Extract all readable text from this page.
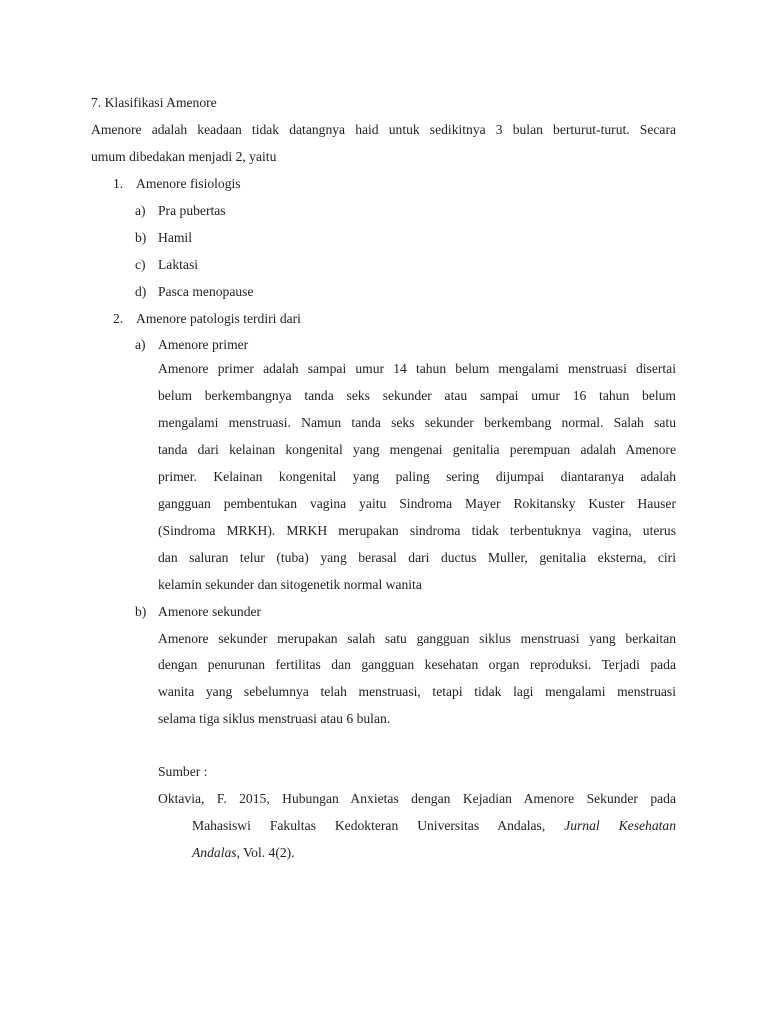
7. Klasifikasi Amenore
Amenore adalah keadaan tidak datangnya haid untuk sedikitnya 3 bulan berturut-turut. Secara
umum dibedakan menjadi 2, yaitu
1. Amenore fisiologis
a) Pra pubertas
b) Hamil
c) Laktasi
d) Pasca menopause
2. Amenore patologis terdiri dari
a) Amenore primer
Amenore primer adalah sampai umur 14 tahun belum mengalami menstruasi disertai
belum berkembangnya tanda seks sekunder atau sampai umur 16 tahun belum
mengalami menstruasi. Namun tanda seks sekunder berkembang normal. Salah satu
tanda dari kelainan kongenital yang mengenai genitalia perempuan adalah Amenore
primer. Kelainan kongenital yang paling sering dijumpai diantaranya adalah
gangguan pembentukan vagina yaitu Sindroma Mayer Rokitansky Kuster Hauser
(Sindroma MRKH). MRKH merupakan sindroma tidak terbentuknya vagina, uterus
dan saluran telur (tuba) yang berasal dari ductus Muller, genitalia eksterna, ciri
kelamin sekunder dan sitogenetik normal wanita
b) Amenore sekunder
Amenore sekunder merupakan salah satu gangguan siklus menstruasi yang berkaitan
dengan penurunan fertilitas dan gangguan kesehatan organ reproduksi. Terjadi pada
wanita yang sebelumnya telah menstruasi, tetapi tidak lagi mengalami menstruasi
selama tiga siklus menstruasi atau 6 bulan.
Sumber :
Oktavia, F. 2015, Hubungan Anxietas dengan Kejadian Amenore Sekunder pada
Mahasiswi Fakultas Kedokteran Universitas Andalas, Jurnal Kesehatan
Andalas, Vol. 4(2).
